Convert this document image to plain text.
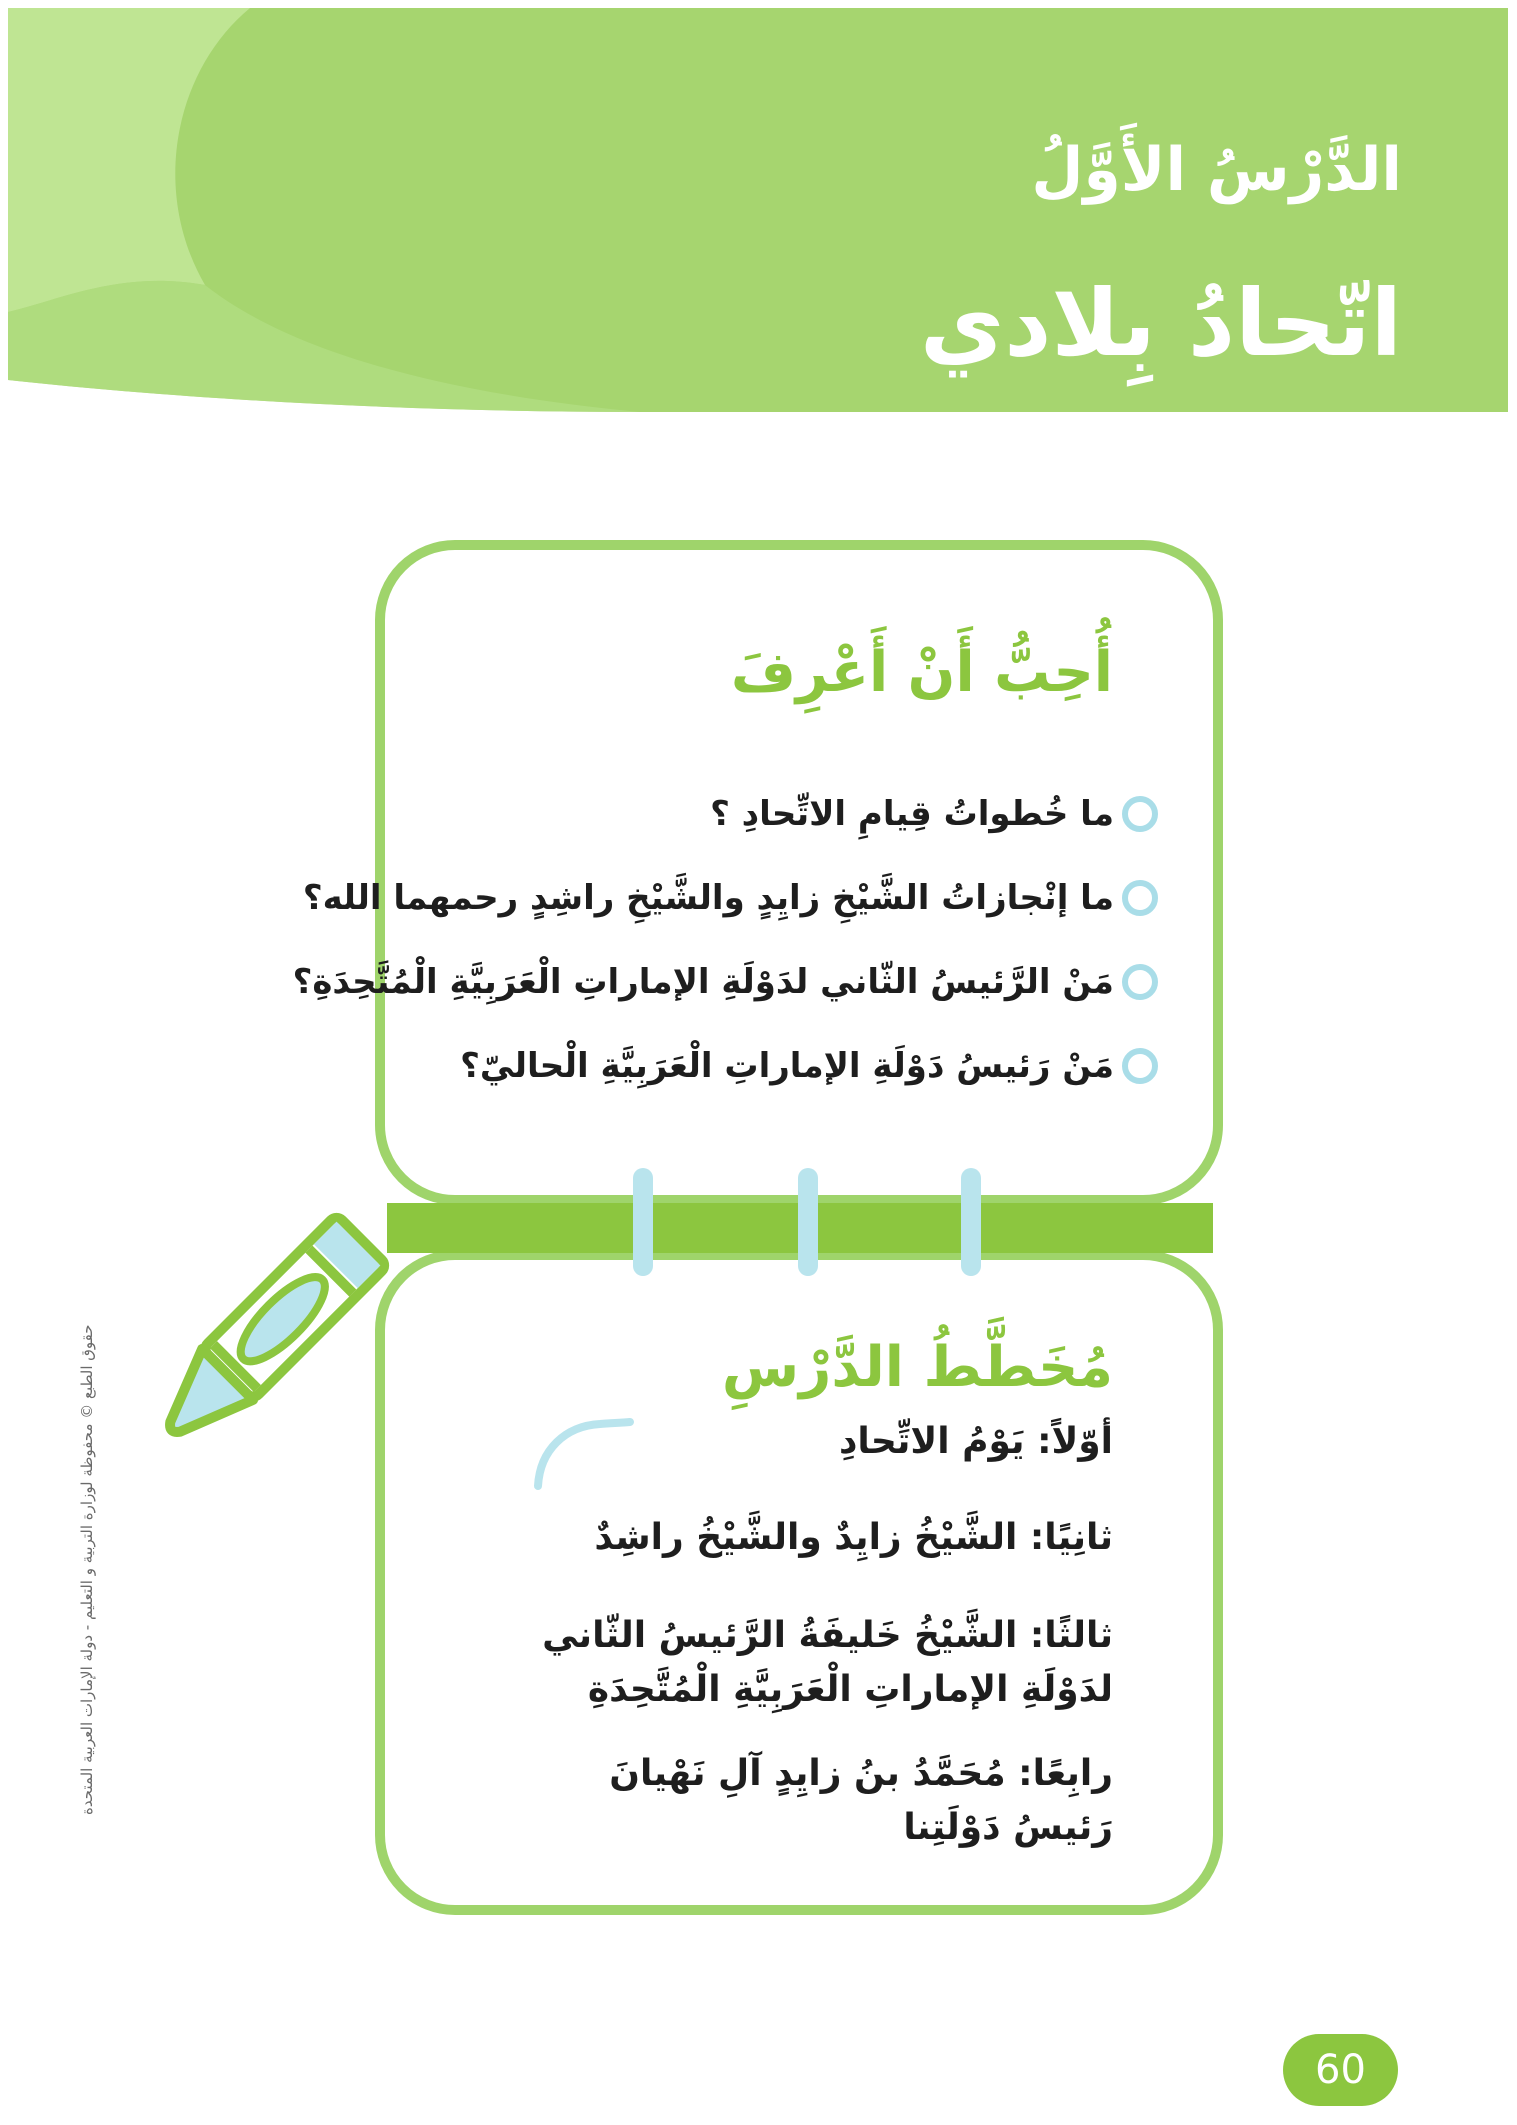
الدَّرْسُ الأَوَّلُ
اتّحادُ بِلادي
أُحِبُّ أَنْ أَعْرِفَ
ما خُطواتُ قِيامِ الاتِّحادِ ؟
ما إنْجازاتُ الشَّيْخِ زايِدٍ والشَّيْخِ راشِدٍ رحمهما الله؟
مَنْ الرَّئيسُ الثّاني لدَوْلَةِ الإماراتِ الْعَرَبِيَّةِ الْمُتَّحِدَةِ؟
مَنْ رَئيسُ دَوْلَةِ الإماراتِ الْعَرَبِيَّةِ الْحاليّ؟
مُخَطَّطُ الدَّرْسِ
أوّلاً: يَوْمُ الاتِّحادِ
ثانِيًا: الشَّيْخُ زايِدٌ والشَّيْخُ راشِدٌ
ثالثًا: الشَّيْخُ خَليفَةُ الرَّئيسُ الثّاني
لدَوْلَةِ الإماراتِ الْعَرَبِيَّةِ الْمُتَّحِدَةِ
رابِعًا: مُحَمَّدُ بنُ زايِدٍ آلِ نَهْيانَ
رَئيسُ دَوْلَتِنا
حقوق الطبع © محفوظة لوزارة التربية و التعليم - دولة الإمارات العربية المتحدة
60
